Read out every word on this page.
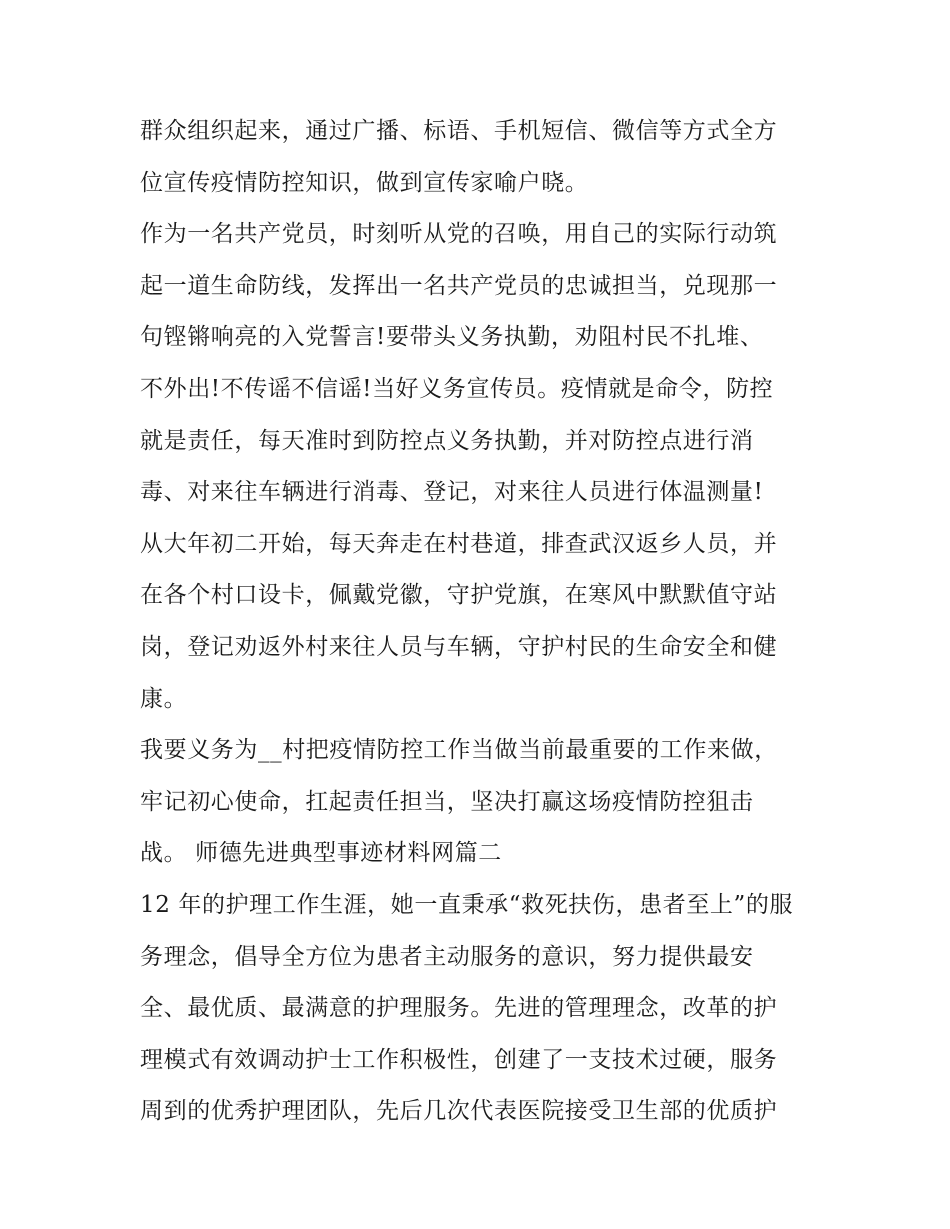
群众组织起来，通过广播、标语、手机短信、微信等方式全方
位宣传疫情防控知识，做到宣传家喻户晓。
作为一名共产党员，时刻听从党的召唤，用自己的实际行动筑
起一道生命防线，发挥出一名共产党员的忠诚担当，兑现那一
句铿锵响亮的入党誓言!要带头义务执勤，劝阻村民不扎堆、
不外出!不传谣不信谣!当好义务宣传员。疫情就是命令，防控
就是责任，每天准时到防控点义务执勤，并对防控点进行消
毒、对来往车辆进行消毒、登记，对来往人员进行体温测量!
从大年初二开始，每天奔走在村巷道，排查武汉返乡人员，并
在各个村口设卡，佩戴党徽，守护党旗，在寒风中默默值守站
岗，登记劝返外村来往人员与车辆，守护村民的生命安全和健
康。
我要义务为__村把疫情防控工作当做当前最重要的工作来做，
牢记初心使命，扛起责任担当，坚决打赢这场疫情防控狙击
战。 师德先进典型事迹材料网篇二
12 年的护理工作生涯，她一直秉承“救死扶伤，患者至上”的服
务理念，倡导全方位为患者主动服务的意识，努力提供最安
全、最优质、最满意的护理服务。先进的管理理念，改革的护
理模式有效调动护士工作积极性，创建了一支技术过硬，服务
周到的优秀护理团队，先后几次代表医院接受卫生部的优质护
